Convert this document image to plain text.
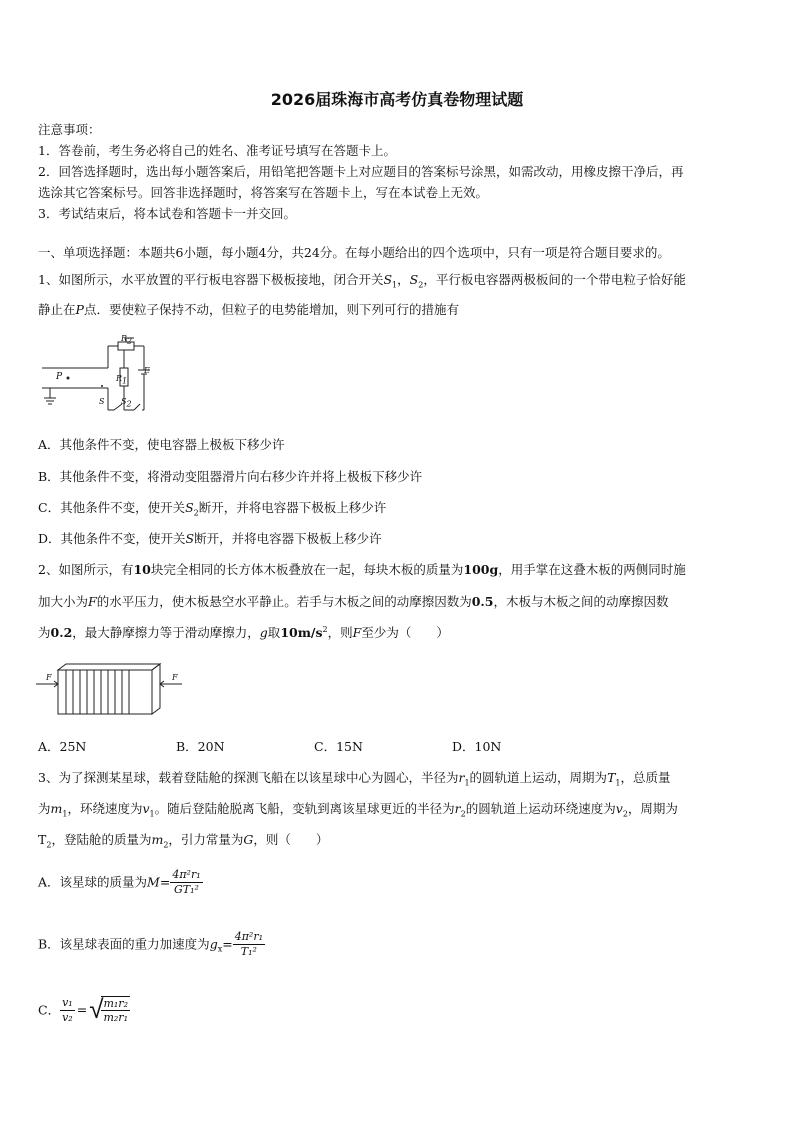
2026届珠海市高考仿真卷物理试题
注意事项：
1．答卷前，考生务必将自己的姓名、准考证号填写在答题卡上。
2．回答选择题时，选出每小题答案后，用铅笔把答题卡上对应题目的答案标号涂黑，如需改动，用橡皮擦干净后，再
选涂其它答案标号。回答非选择题时，将答案写在答题卡上，写在本试卷上无效。
3．考试结束后，将本试卷和答题卡一并交回。
一、单项选择题：本题共6小题，每小题4分，共24分。在每小题给出的四个选项中，只有一项是符合题目要求的。
1、如图所示，水平放置的平行板电容器下极板接地，闭合开关$S_1$，$S_2$，平行板电容器两极板间的一个带电粒子恰好能
静止在P点．要使粒子保持不动，但粒子的电势能增加，则下列可行的措施有
P
$R_2$
$R_1$
E
S $S_2$
A．其他条件不变，使电容器上极板下移少许
B．其他条件不变，将滑动变阻器滑片向右移少许并将上极板下移少许
C．其他条件不变，使开关$S_2$断开，并将电容器下极板上移少许
D．其他条件不变，使开关S断开，并将电容器下极板上移少许
2、如图所示，有10块完全相同的长方体木板叠放在一起，每块木板的质量为100g，用手掌在这叠木板的两侧同时施
加大小为F的水平压力，使木板悬空水平静止。若手与木板之间的动摩擦因数为0.5，木板与木板之间的动摩擦因数
为0.2，最大静摩擦力等于滑动摩擦力，g取$10m/s^2$，则F至少为（　　）
F	F
A．25N	B．20N	C．15N	D．10N
3、为了探测某星球，载着登陆舱的探测飞船在以该星球中心为圆心，半径为$r_1$的圆轨道上运动，周期为$T_1$，总质量
为$m_1$，环绕速度为$v_1$。随后登陆舱脱离飞船，变轨到离该星球更近的半径为$r_2$的圆轨道上运动环绕速度为$v_2$，周期为
$T_2$，登陆舱的质量为$m_2$，引力常量为G，则（　　）
A．该星球的质量为$M= \frac{\text{4π²r₁}}{\text{GT₁²}}$
B．该星球表面的重力加速度为$g_x= \frac{\text{4π²r₁}}{\text{T₁²}}$
C． $\frac{\text{v₁}}{\text{v₂}}$ =√
$\frac{\text{m₁r₂}}{\text{m₂r₁}}$
